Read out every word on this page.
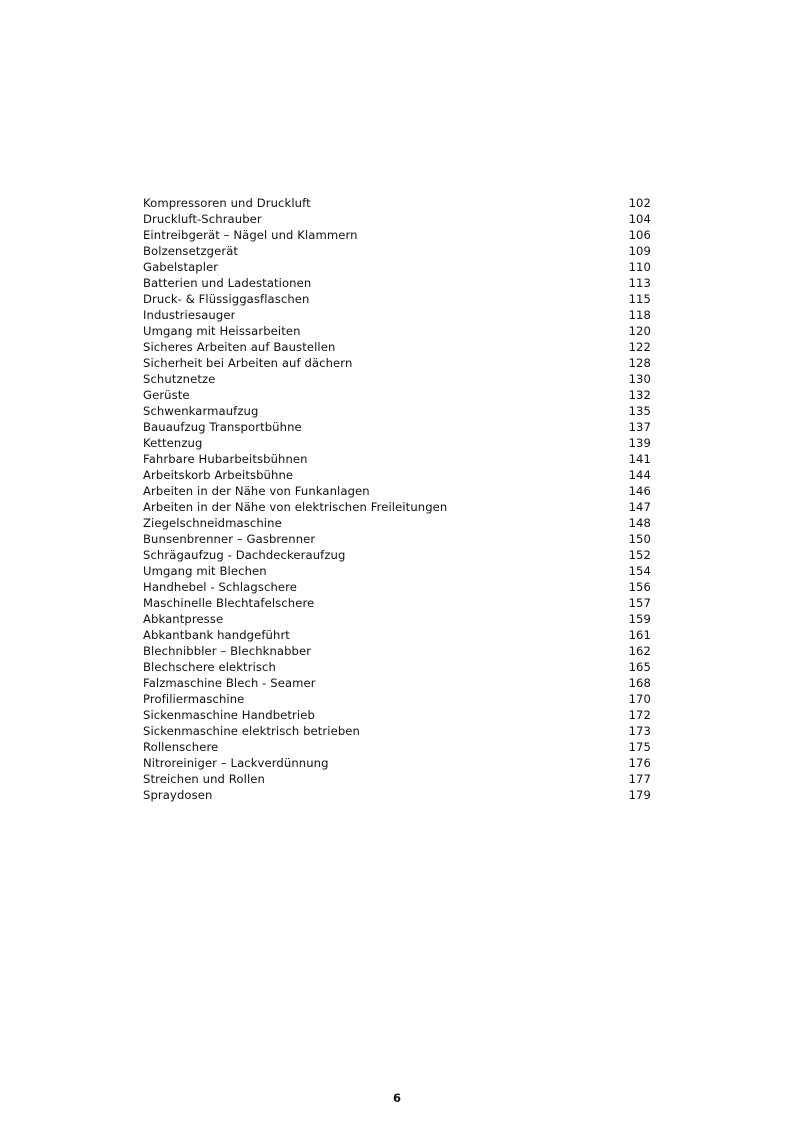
Kompressoren und Druckluft	102
Druckluft-Schrauber	104
Eintreibgerät – Nägel und Klammern	106
Bolzensetzgerät	109
Gabelstapler	110
Batterien und Ladestationen	113
Druck- & Flüssiggasflaschen	115
Industriesauger	118
Umgang mit Heissarbeiten	120
Sicheres Arbeiten auf Baustellen	122
Sicherheit bei Arbeiten auf dächern	128
Schutznetze	130
Gerüste	132
Schwenkarmaufzug	135
Bauaufzug Transportbühne	137
Kettenzug	139
Fahrbare Hubarbeitsbühnen	141
Arbeitskorb Arbeitsbühne	144
Arbeiten in der Nähe von Funkanlagen	146
Arbeiten in der Nähe von elektrischen Freileitungen	147
Ziegelschneidmaschine	148
Bunsenbrenner – Gasbrenner	150
Schrägaufzug - Dachdeckeraufzug	152
Umgang mit Blechen	154
Handhebel - Schlagschere	156
Maschinelle Blechtafelschere	157
Abkantpresse	159
Abkantbank handgeführt	161
Blechnibbler – Blechknabber	162
Blechschere elektrisch	165
Falzmaschine Blech - Seamer	168
Profiliermaschine	170
Sickenmaschine Handbetrieb	172
Sickenmaschine elektrisch betrieben	173
Rollenschere	175
Nitroreiniger – Lackverdünnung	176
Streichen und Rollen	177
Spraydosen	179
6
